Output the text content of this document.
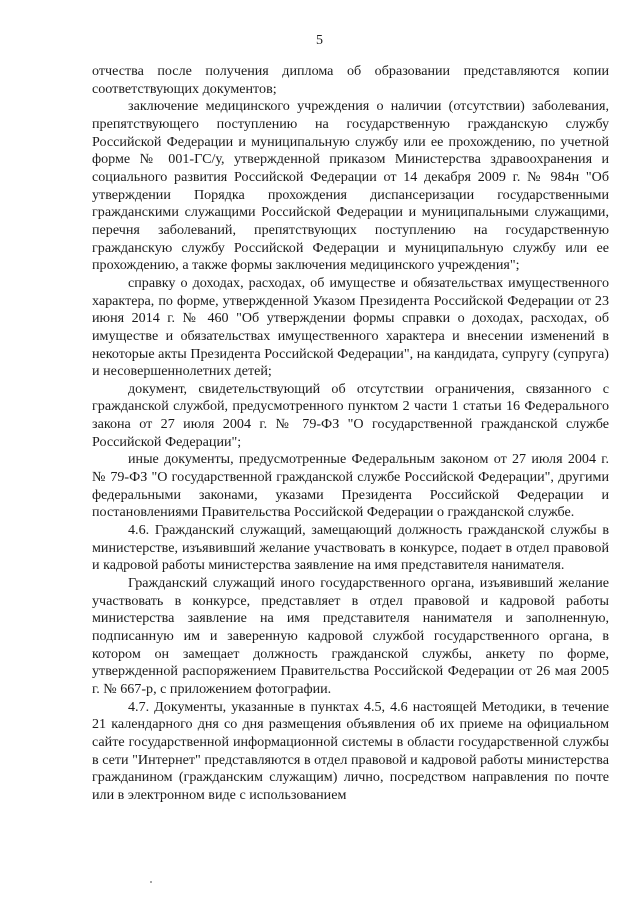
5

отчества после получения диплома об образовании представляются копии соответствующих документов;

заключение медицинского учреждения о наличии (отсутствии) заболевания, препятствующего поступлению на государственную гражданскую службу Российской Федерации и муниципальную службу или ее прохождению, по учетной форме № 001-ГС/у, утвержденной приказом Министерства здравоохранения и социального развития Российской Федерации от 14 декабря 2009 г. № 984н "Об утверждении Порядка прохождения диспансеризации государственными гражданскими служащими Российской Федерации и муниципальными служащими, перечня заболеваний, препятствующих поступлению на государственную гражданскую службу Российской Федерации и муниципальную службу или ее прохождению, а также формы заключения медицинского учреждения";

справку о доходах, расходах, об имуществе и обязательствах имущественного характера, по форме, утвержденной Указом Президента Российской Федерации от 23 июня 2014 г. № 460 "Об утверждении формы справки о доходах, расходах, об имуществе и обязательствах имущественного характера и внесении изменений в некоторые акты Президента Российской Федерации", на кандидата, супругу (супруга) и несовершеннолетних детей;

документ, свидетельствующий об отсутствии ограничения, связанного с гражданской службой, предусмотренного пунктом 2 части 1 статьи 16 Федерального закона от 27 июля 2004 г. № 79-ФЗ "О государственной гражданской службе Российской Федерации";

иные документы, предусмотренные Федеральным законом от 27 июля 2004 г. № 79-ФЗ "О государственной гражданской службе Российской Федерации", другими федеральными законами, указами Президента Российской Федерации и постановлениями Правительства Российской Федерации о гражданской службе.

4.6. Гражданский служащий, замещающий должность гражданской службы в министерстве, изъявивший желание участвовать в конкурсе, подает в отдел правовой и кадровой работы министерства заявление на имя представителя нанимателя.

Гражданский служащий иного государственного органа, изъявивший желание участвовать в конкурсе, представляет в отдел правовой и кадровой работы министерства заявление на имя представителя нанимателя и заполненную, подписанную им и заверенную кадровой службой государственного органа, в котором он замещает должность гражданской службы, анкету по форме, утвержденной распоряжением Правительства Российской Федерации от 26 мая 2005 г. № 667-р, с приложением фотографии.

4.7. Документы, указанные в пунктах 4.5, 4.6 настоящей Методики, в течение 21 календарного дня со дня размещения объявления об их приеме на официальном сайте государственной информационной системы в области государственной службы в сети "Интернет" представляются в отдел правовой и кадровой работы министерства гражданином (гражданским служащим) лично, посредством направления по почте или в электронном виде с использованием
